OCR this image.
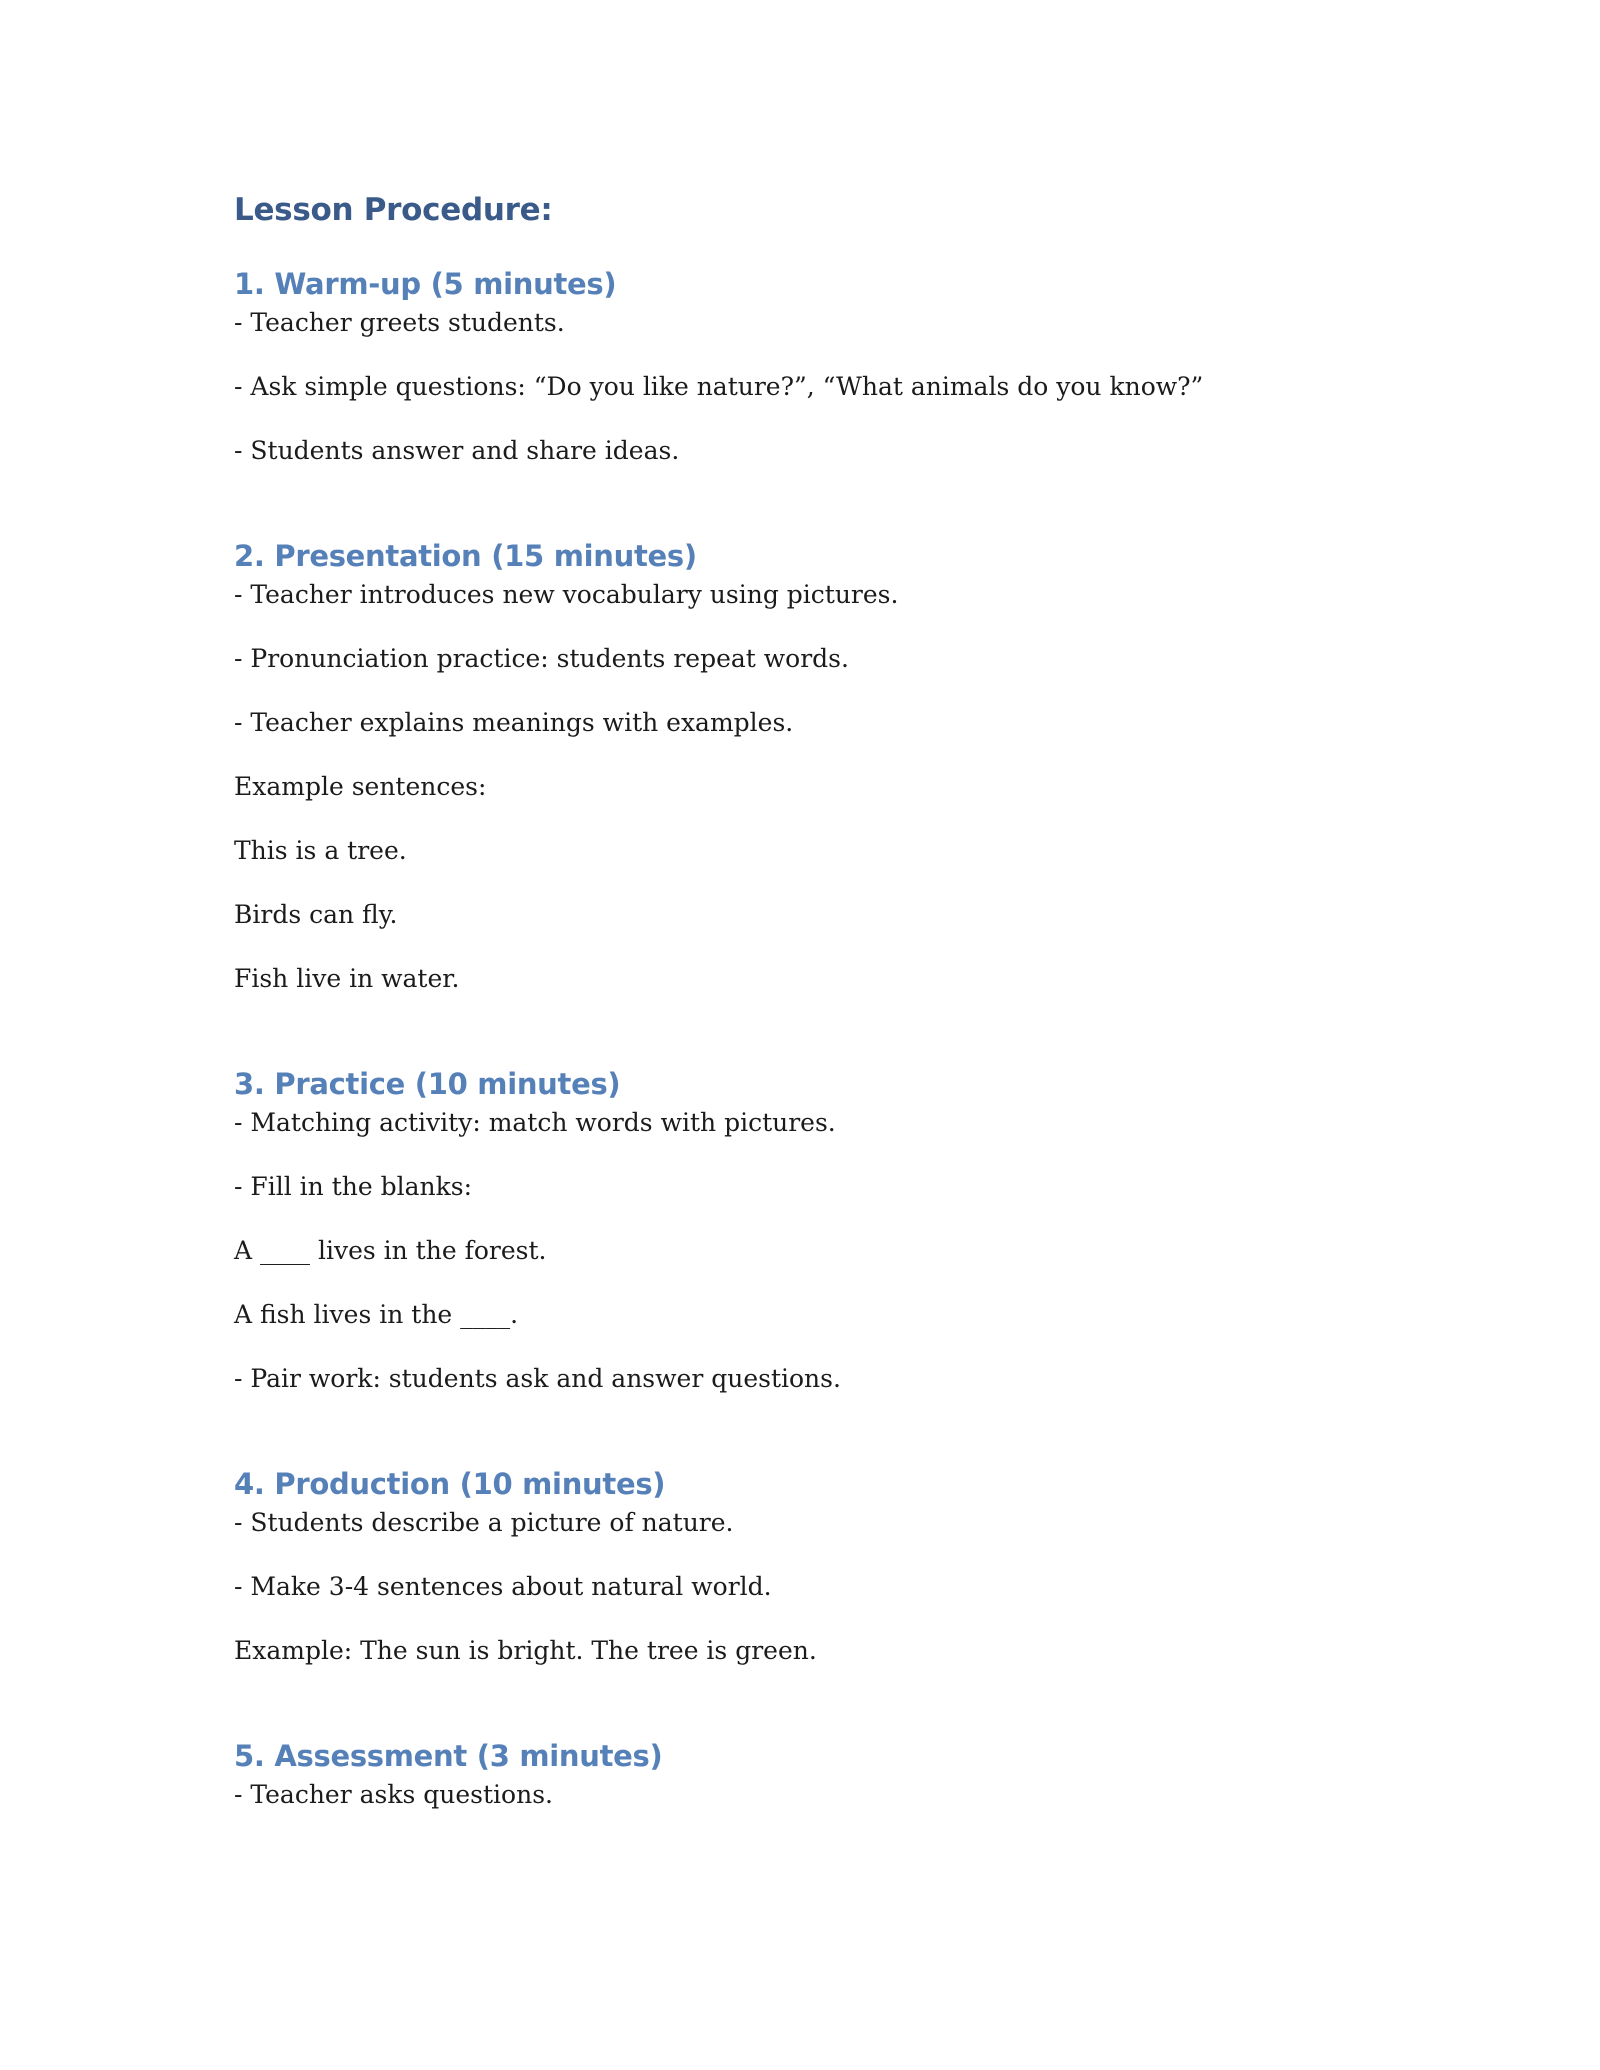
Lesson Procedure:
1. Warm-up (5 minutes)

- Teacher greets students.

- Ask simple questions: “Do you like nature?”, “What animals do you know?”

- Students answer and share ideas.

2. Presentation (15 minutes)

- Teacher introduces new vocabulary using pictures.

- Pronunciation practice: students repeat words.

- Teacher explains meanings with examples.

Example sentences:

This is a tree.

Birds can fly.

Fish live in water.

3. Practice (10 minutes)

- Matching activity: match words with pictures.

- Fill in the blanks:

A ____ lives in the forest.

A fish lives in the ____.

- Pair work: students ask and answer questions.

4. Production (10 minutes)

- Students describe a picture of nature.

- Make 3-4 sentences about natural world.

Example: The sun is bright. The tree is green.

5. Assessment (3 minutes)

- Teacher asks questions.
